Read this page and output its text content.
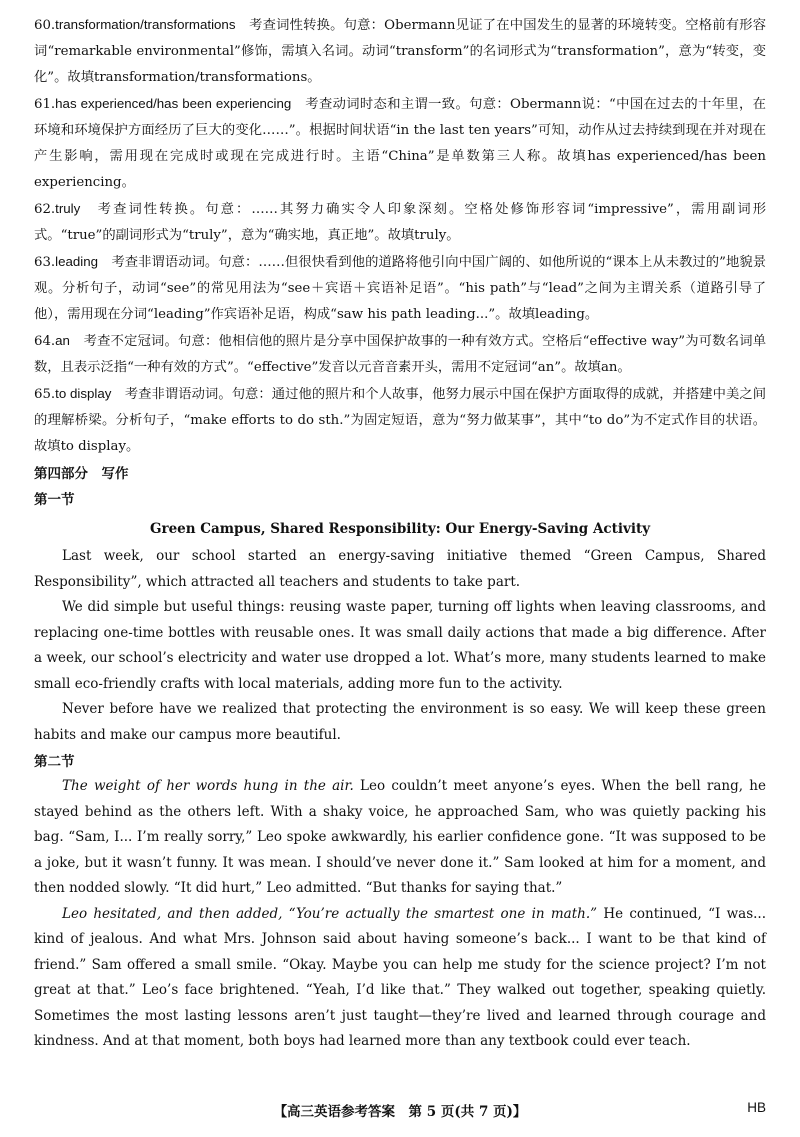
60.transformation/transformations　考查词性转换。句意：Obermann见证了在中国发生的显著的环境转变。空格前有形容词“remarkable environmental”修饰，需填入名词。动词“transform”的名词形式为“transformation”，意为“转变，变化”。故填transformation/transformations。

61.has experienced/has been experiencing　考查动词时态和主谓一致。句意：Obermann说：“中国在过去的十年里，在环境和环境保护方面经历了巨大的变化……”。根据时间状语“in the last ten years”可知，动作从过去持续到现在并对现在产生影响，需用现在完成时或现在完成进行时。主语“China”是单数第三人称。故填has experienced/has been experiencing。

62.truly　考查词性转换。句意：……其努力确实令人印象深刻。空格处修饰形容词“impressive”，需用副词形式。“true”的副词形式为“truly”，意为“确实地，真正地”。故填truly。

63.leading　考查非谓语动词。句意：……但很快看到他的道路将他引向中国广阔的、如他所说的“课本上从未教过的”地貌景观。分析句子，动词“see”的常见用法为“see＋宾语＋宾语补足语”。“his path”与“lead”之间为主谓关系（道路引导了他），需用现在分词“leading”作宾语补足语，构成“saw his path leading...”。故填leading。

64.an　考查不定冠词。句意：他相信他的照片是分享中国保护故事的一种有效方式。空格后“effective way”为可数名词单数，且表示泛指“一种有效的方式”。“effective”发音以元音音素开头，需用不定冠词“an”。故填an。

65.to display　考查非谓语动词。句意：通过他的照片和个人故事，他努力展示中国在保护方面取得的成就，并搭建中美之间的理解桥梁。分析句子，“make efforts to do sth.”为固定短语，意为“努力做某事”，其中“to do”为不定式作目的状语。故填to display。

第四部分　写作
第一节
Green Campus, Shared Responsibility: Our Energy-Saving Activity

Last week, our school started an energy-saving initiative themed “Green Campus, Shared Responsibility”, which attracted all teachers and students to take part.

We did simple but useful things: reusing waste paper, turning off lights when leaving classrooms, and replacing one-time bottles with reusable ones. It was small daily actions that made a big difference. After a week, our school’s electricity and water use dropped a lot. What’s more, many students learned to make small eco-friendly crafts with local materials, adding more fun to the activity.

Never before have we realized that protecting the environment is so easy. We will keep these green habits and make our campus more beautiful.

第二节

The weight of her words hung in the air. Leo couldn’t meet anyone’s eyes. When the bell rang, he stayed behind as the others left. With a shaky voice, he approached Sam, who was quietly packing his bag. “Sam, I... I’m really sorry,” Leo spoke awkwardly, his earlier confidence gone. “It was supposed to be a joke, but it wasn’t funny. It was mean. I should’ve never done it.” Sam looked at him for a moment, and then nodded slowly. “It did hurt,” Leo admitted. “But thanks for saying that.”

Leo hesitated, and then added, “You’re actually the smartest one in math.” He continued, “I was... kind of jealous. And what Mrs. Johnson said about having someone’s back... I want to be that kind of friend.” Sam offered a small smile. “Okay. Maybe you can help me study for the science project? I’m not great at that.” Leo’s face brightened. “Yeah, I’d like that.” They walked out together, speaking quietly. Sometimes the most lasting lessons aren’t just taught—they’re lived and learned through courage and kindness. And at that moment, both boys had learned more than any textbook could ever teach.

【高三英语参考答案　第 5 页(共 7 页)】	HB
